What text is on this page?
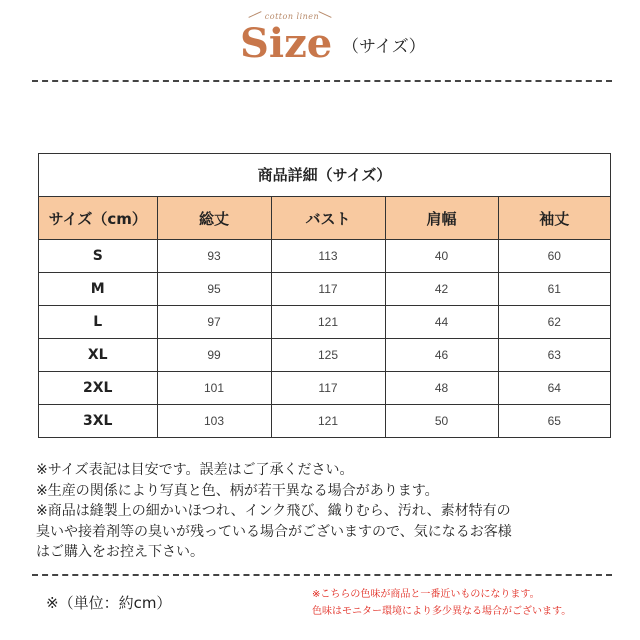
cotton linen
Size （サイズ）
商品詳細（サイズ）
サイズ（cm）	総丈	バスト	肩幅	袖丈
S	93	113	40	60
M	95	117	42	61
L	97	121	44	62
XL	99	125	46	63
2XL	101	117	48	64
3XL	103	121	50	65
※サイズ表記は目安です。誤差はご了承ください。
※生産の関係により写真と色、柄が若干異なる場合があります。
※商品は縫製上の細かいほつれ、インク飛び、織りむら、汚れ、素材特有の
臭いや接着剤等の臭いが残っている場合がございますので、気になるお客様
はご購入をお控え下さい。
※（単位：約cm）	※こちらの色味が商品と一番近いものになります。
色味はモニター環境により多少異なる場合がございます。
